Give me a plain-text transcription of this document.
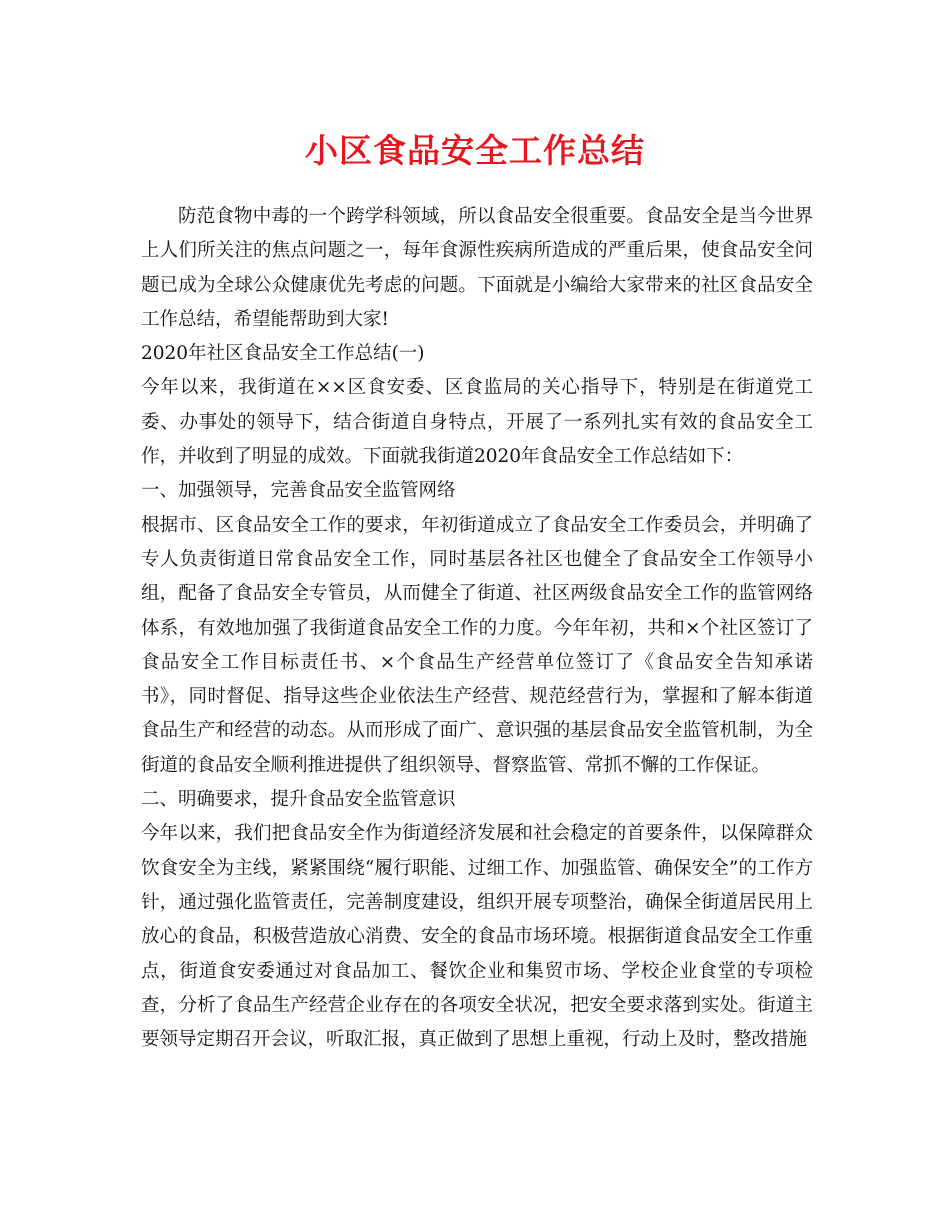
小区食品安全工作总结

防范食物中毒的一个跨学科领域，所以食品安全很重要。食品安全是当今世界上人们所关注的焦点问题之一，每年食源性疾病所造成的严重后果，使食品安全问题已成为全球公众健康优先考虑的问题。下面就是小编给大家带来的社区食品安全工作总结，希望能帮助到大家!

2020年社区食品安全工作总结(一)

今年以来，我街道在××区食安委、区食监局的关心指导下，特别是在街道党工委、办事处的领导下，结合街道自身特点，开展了一系列扎实有效的食品安全工作，并收到了明显的成效。下面就我街道2020年食品安全工作总结如下：

一、加强领导，完善食品安全监管网络

根据市、区食品安全工作的要求，年初街道成立了食品安全工作委员会，并明确了专人负责街道日常食品安全工作，同时基层各社区也健全了食品安全工作领导小组，配备了食品安全专管员，从而健全了街道、社区两级食品安全工作的监管网络体系，有效地加强了我街道食品安全工作的力度。今年年初，共和×个社区签订了食品安全工作目标责任书、×个食品生产经营单位签订了《食品安全告知承诺书》，同时督促、指导这些企业依法生产经营、规范经营行为，掌握和了解本街道食品生产和经营的动态。从而形成了面广、意识强的基层食品安全监管机制，为全街道的食品安全顺利推进提供了组织领导、督察监管、常抓不懈的工作保证。

二、明确要求，提升食品安全监管意识

今年以来，我们把食品安全作为街道经济发展和社会稳定的首要条件，以保障群众饮食安全为主线，紧紧围绕“履行职能、过细工作、加强监管、确保安全”的工作方针，通过强化监管责任，完善制度建设，组织开展专项整治，确保全街道居民用上放心的食品，积极营造放心消费、安全的食品市场环境。根据街道食品安全工作重点，街道食安委通过对食品加工、餐饮企业和集贸市场、学校企业食堂的专项检查，分析了食品生产经营企业存在的各项安全状况，把安全要求落到实处。街道主要领导定期召开会议，听取汇报，真正做到了思想上重视，行动上及时，整改措施
